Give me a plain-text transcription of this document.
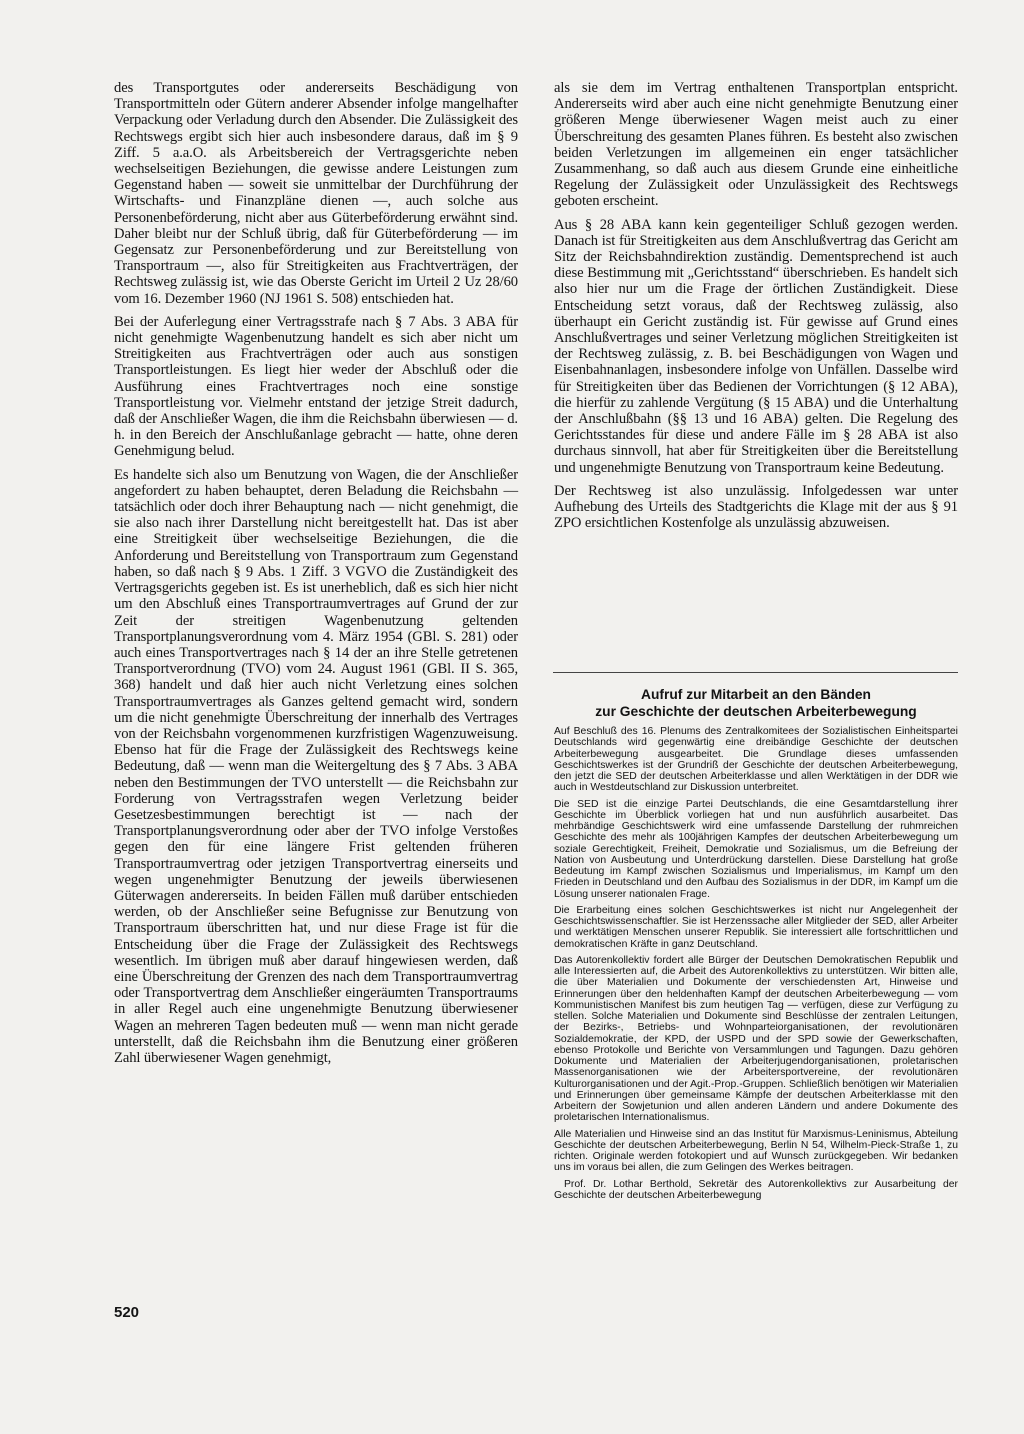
des Transportgutes oder andererseits Beschädigung von Transportmitteln oder Gütern anderer Absender infolge mangelhafter Verpackung oder Verladung durch den Absender. Die Zulässigkeit des Rechtswegs ergibt sich hier auch insbesondere daraus, daß im § 9 Ziff. 5 a.a.O. als Arbeitsbereich der Vertragsgerichte neben wechselseitigen Beziehungen, die gewisse andere Leistungen zum Gegenstand haben — soweit sie unmittelbar der Durchführung der Wirtschafts- und Finanzpläne dienen —, auch solche aus Personenbeförderung, nicht aber aus Güterbeförderung erwähnt sind. Daher bleibt nur der Schluß übrig, daß für Güterbeförderung — im Gegensatz zur Personenbeförderung und zur Bereitstellung von Transportraum —, also für Streitigkeiten aus Frachtverträgen, der Rechtsweg zulässig ist, wie das Oberste Gericht im Urteil 2 Uz 28/60 vom 16. Dezember 1960 (NJ 1961 S. 508) entschieden hat.

Bei der Auferlegung einer Vertragsstrafe nach § 7 Abs. 3 ABA für nicht genehmigte Wagenbenutzung handelt es sich aber nicht um Streitigkeiten aus Frachtverträgen oder auch aus sonstigen Transportleistungen. Es liegt hier weder der Abschluß oder die Ausführung eines Frachtvertrages noch eine sonstige Transportleistung vor. Vielmehr entstand der jetzige Streit dadurch, daß der Anschließer Wagen, die ihm die Reichsbahn überwiesen — d. h. in den Bereich der Anschlußanlage gebracht — hatte, ohne deren Genehmigung belud.

Es handelte sich also um Benutzung von Wagen, die der Anschließer angefordert zu haben behauptet, deren Beladung die Reichsbahn — tatsächlich oder doch ihrer Behauptung nach — nicht genehmigt, die sie also nach ihrer Darstellung nicht bereitgestellt hat. Das ist aber eine Streitigkeit über wechselseitige Beziehungen, die die Anforderung und Bereitstellung von Transportraum zum Gegenstand haben, so daß nach § 9 Abs. 1 Ziff. 3 VGVO die Zuständigkeit des Vertragsgerichts gegeben ist. Es ist unerheblich, daß es sich hier nicht um den Abschluß eines Transportraumvertrages auf Grund der zur Zeit der streitigen Wagenbenutzung geltenden Transportplanungsverordnung vom 4. März 1954 (GBl. S. 281) oder auch eines Transportvertrages nach § 14 der an ihre Stelle getretenen Transportverordnung (TVO) vom 24. August 1961 (GBl. II S. 365, 368) handelt und daß hier auch nicht Verletzung eines solchen Transportraumvertrages als Ganzes geltend gemacht wird, sondern um die nicht genehmigte Überschreitung der innerhalb des Vertrages von der Reichsbahn vorgenommenen kurzfristigen Wagenzuweisung. Ebenso hat für die Frage der Zulässigkeit des Rechtswegs keine Bedeutung, daß — wenn man die Weitergeltung des § 7 Abs. 3 ABA neben den Bestimmungen der TVO unterstellt — die Reichsbahn zur Forderung von Vertragsstrafen wegen Verletzung beider Gesetzesbestimmungen berechtigt ist — nach der Transportplanungsverordnung oder aber der TVO infolge Verstoßes gegen den für eine längere Frist geltenden früheren Transportraumvertrag oder jetzigen Transportvertrag einerseits und wegen ungenehmigter Benutzung der jeweils überwiesenen Güterwagen andererseits. In beiden Fällen muß darüber entschieden werden, ob der Anschließer seine Befugnisse zur Benutzung von Transportraum überschritten hat, und nur diese Frage ist für die Entscheidung über die Frage der Zulässigkeit des Rechtswegs wesentlich. Im übrigen muß aber darauf hingewiesen werden, daß eine Überschreitung der Grenzen des nach dem Transportraumvertrag oder Transportvertrag dem Anschließer eingeräumten Transportraums in aller Regel auch eine ungenehmigte Benutzung überwiesener Wagen an mehreren Tagen bedeuten muß — wenn man nicht gerade unterstellt, daß die Reichsbahn ihm die Benutzung einer größeren Zahl überwiesener Wagen genehmigt,

als sie dem im Vertrag enthaltenen Transportplan entspricht. Andererseits wird aber auch eine nicht genehmigte Benutzung einer größeren Menge überwiesener Wagen meist auch zu einer Überschreitung des gesamten Planes führen. Es besteht also zwischen beiden Verletzungen im allgemeinen ein enger tatsächlicher Zusammenhang, so daß auch aus diesem Grunde eine einheitliche Regelung der Zulässigkeit oder Unzulässigkeit des Rechtswegs geboten erscheint.

Aus § 28 ABA kann kein gegenteiliger Schluß gezogen werden. Danach ist für Streitigkeiten aus dem Anschlußvertrag das Gericht am Sitz der Reichsbahndirektion zuständig. Dementsprechend ist auch diese Bestimmung mit „Gerichtsstand“ überschrieben. Es handelt sich also hier nur um die Frage der örtlichen Zuständigkeit. Diese Entscheidung setzt voraus, daß der Rechtsweg zulässig, also überhaupt ein Gericht zuständig ist. Für gewisse auf Grund eines Anschlußvertrages und seiner Verletzung möglichen Streitigkeiten ist der Rechtsweg zulässig, z. B. bei Beschädigungen von Wagen und Eisenbahnanlagen, insbesondere infolge von Unfällen. Dasselbe wird für Streitigkeiten über das Bedienen der Vorrichtungen (§ 12 ABA), die hierfür zu zahlende Vergütung (§ 15 ABA) und die Unterhaltung der Anschlußbahn (§§ 13 und 16 ABA) gelten. Die Regelung des Gerichtsstandes für diese und andere Fälle im § 28 ABA ist also durchaus sinnvoll, hat aber für Streitigkeiten über die Bereitstellung und ungenehmigte Benutzung von Transportraum keine Bedeutung.

Der Rechtsweg ist also unzulässig. Infolgedessen war unter Aufhebung des Urteils des Stadtgerichts die Klage mit der aus § 91 ZPO ersichtlichen Kostenfolge als unzulässig abzuweisen.

Aufruf zur Mitarbeit an den Bänden
zur Geschichte der deutschen Arbeiterbewegung

Auf Beschluß des 16. Plenums des Zentralkomitees der Sozialistischen Einheitspartei Deutschlands wird gegenwärtig eine dreibändige Geschichte der deutschen Arbeiterbewegung ausgearbeitet. Die Grundlage dieses umfassenden Geschichtswerkes ist der Grundriß der Geschichte der deutschen Arbeiterbewegung, den jetzt die SED der deutschen Arbeiterklasse und allen Werktätigen in der DDR wie auch in Westdeutschland zur Diskussion unterbreitet.

Die SED ist die einzige Partei Deutschlands, die eine Gesamtdarstellung ihrer Geschichte im Überblick vorliegen hat und nun ausführlich ausarbeitet. Das mehrbändige Geschichtswerk wird eine umfassende Darstellung der ruhmreichen Geschichte des mehr als 100jährigen Kampfes der deutschen Arbeiterbewegung um soziale Gerechtigkeit, Freiheit, Demokratie und Sozialismus, um die Befreiung der Nation von Ausbeutung und Unterdrückung darstellen. Diese Darstellung hat große Bedeutung im Kampf zwischen Sozialismus und Imperialismus, im Kampf um den Frieden in Deutschland und den Aufbau des Sozialismus in der DDR, im Kampf um die Lösung unserer nationalen Frage.

Die Erarbeitung eines solchen Geschichtswerkes ist nicht nur Angelegenheit der Geschichtswissenschaftler. Sie ist Herzenssache aller Mitglieder der SED, aller Arbeiter und werktätigen Menschen unserer Republik. Sie interessiert alle fortschrittlichen und demokratischen Kräfte in ganz Deutschland.

Das Autorenkollektiv fordert alle Bürger der Deutschen Demokratischen Republik und alle Interessierten auf, die Arbeit des Autorenkollektivs zu unterstützen. Wir bitten alle, die über Materialien und Dokumente der verschiedensten Art, Hinweise und Erinnerungen über den heldenhaften Kampf der deutschen Arbeiterbewegung — vom Kommunistischen Manifest bis zum heutigen Tag — verfügen, diese zur Verfügung zu stellen. Solche Materialien und Dokumente sind Beschlüsse der zentralen Leitungen, der Bezirks-, Betriebs- und Wohnparteiorganisationen, der revolutionären Sozialdemokratie, der KPD, der USPD und der SPD sowie der Gewerkschaften, ebenso Protokolle und Berichte von Versammlungen und Tagungen. Dazu gehören Dokumente und Materialien der Arbeiterjugendorganisationen, proletarischen Massenorganisationen wie der Arbeitersportvereine, der revolutionären Kulturorganisationen und der Agit.-Prop.-Gruppen. Schließlich benötigen wir Materialien und Erinnerungen über gemeinsame Kämpfe der deutschen Arbeiterklasse mit den Arbeitern der Sowjetunion und allen anderen Ländern und andere Dokumente des proletarischen Internationalismus.

Alle Materialien und Hinweise sind an das Institut für Marxismus-Leninismus, Abteilung Geschichte der deutschen Arbeiterbewegung, Berlin N 54, Wilhelm-Pieck-Straße 1, zu richten. Originale werden fotokopiert und auf Wunsch zurückgegeben. Wir bedanken uns im voraus bei allen, die zum Gelingen des Werkes beitragen.

Prof. Dr. Lothar Berthold, Sekretär des Autorenkollektivs zur Ausarbeitung der Geschichte der deutschen Arbeiterbewegung

520
